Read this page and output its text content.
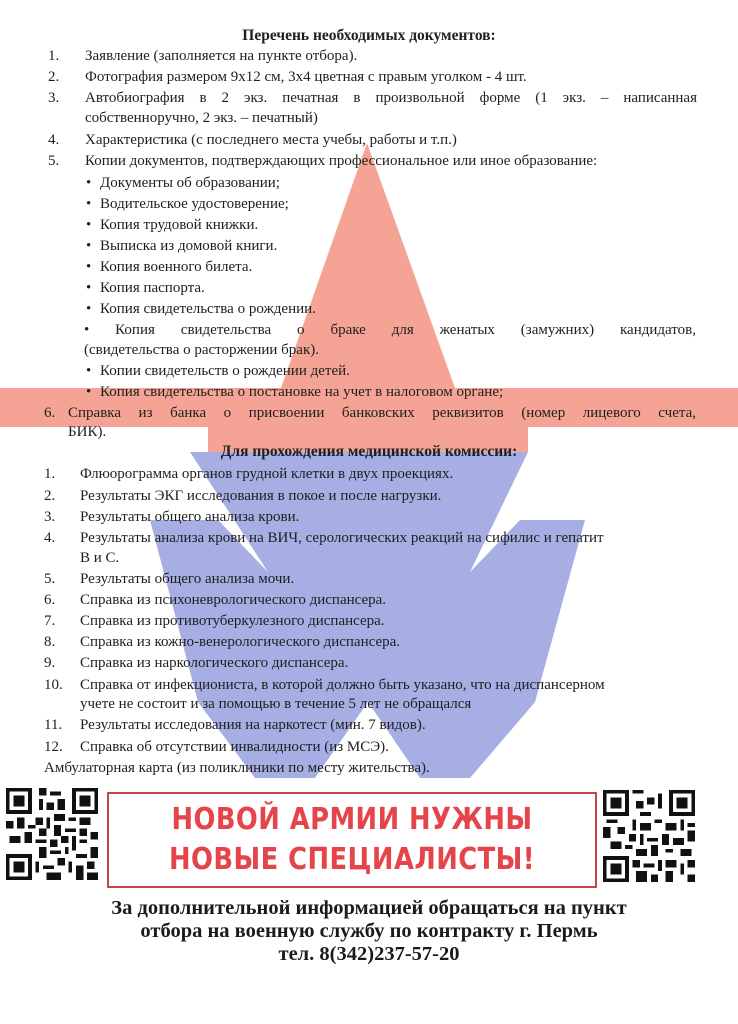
Перечень необходимых документов:
1. Заявление (заполняется на пункте отбора).
2. Фотография размером 9х12 см, 3х4 цветная с правым уголком - 4 шт.
3. Автобиография в 2 экз. печатная в произвольной форме (1 экз. – написанная
собственноручно, 2 экз. – печатный)
4. Характеристика (с последнего места учебы, работы и т.п.)
5. Копии документов, подтверждающих профессиональное или иное образование:
• Документы об образовании;
• Водительское удостоверение;
• Копия трудовой книжки.
• Выписка из домовой книги.
• Копия военного билета.
• Копия паспорта.
• Копия свидетельства о рождении.
• Копия свидетельства о браке для женатых (замужних) кандидатов,
(свидетельства о расторжении брак).
• Копии свидетельств о рождении детей.
• Копия свидетельства о постановке на учет в налоговом органе;
6. Справка из банка о присвоении банковских реквизитов (номер лицевого счета,
БИК).
Для прохождения медицинской комиссии:
1. Флюорограмма органов грудной клетки в двух проекциях.
2. Результаты ЭКГ исследования в покое и после нагрузки.
3. Результаты общего анализа крови.
4. Результаты анализа крови на ВИЧ, серологических реакций на сифилис и гепатит
В и С.
5. Результаты общего анализа мочи.
6. Справка из психоневрологического диспансера.
7. Справка из противотуберкулезного диспансера.
8. Справка из кожно-венерологического диспансера.
9. Справка из наркологического диспансера.
10. Справка от инфекциониста, в которой должно быть указано, что на диспансерном
учете не состоит и за помощью в течение 5 лет не обращался
11. Результаты исследования на наркотест (мин. 7 видов).
12. Справка об отсутствии инвалидности (из МСЭ).
Амбулаторная карта (из поликлиники по месту жительства).
НОВОЙ АРМИИ НУЖНЫ
НОВЫЕ СПЕЦИАЛИСТЫ!
За дополнительной информацией обращаться на пункт
отбора на военную службу по контракту г. Пермь
тел. 8(342)237-57-20
